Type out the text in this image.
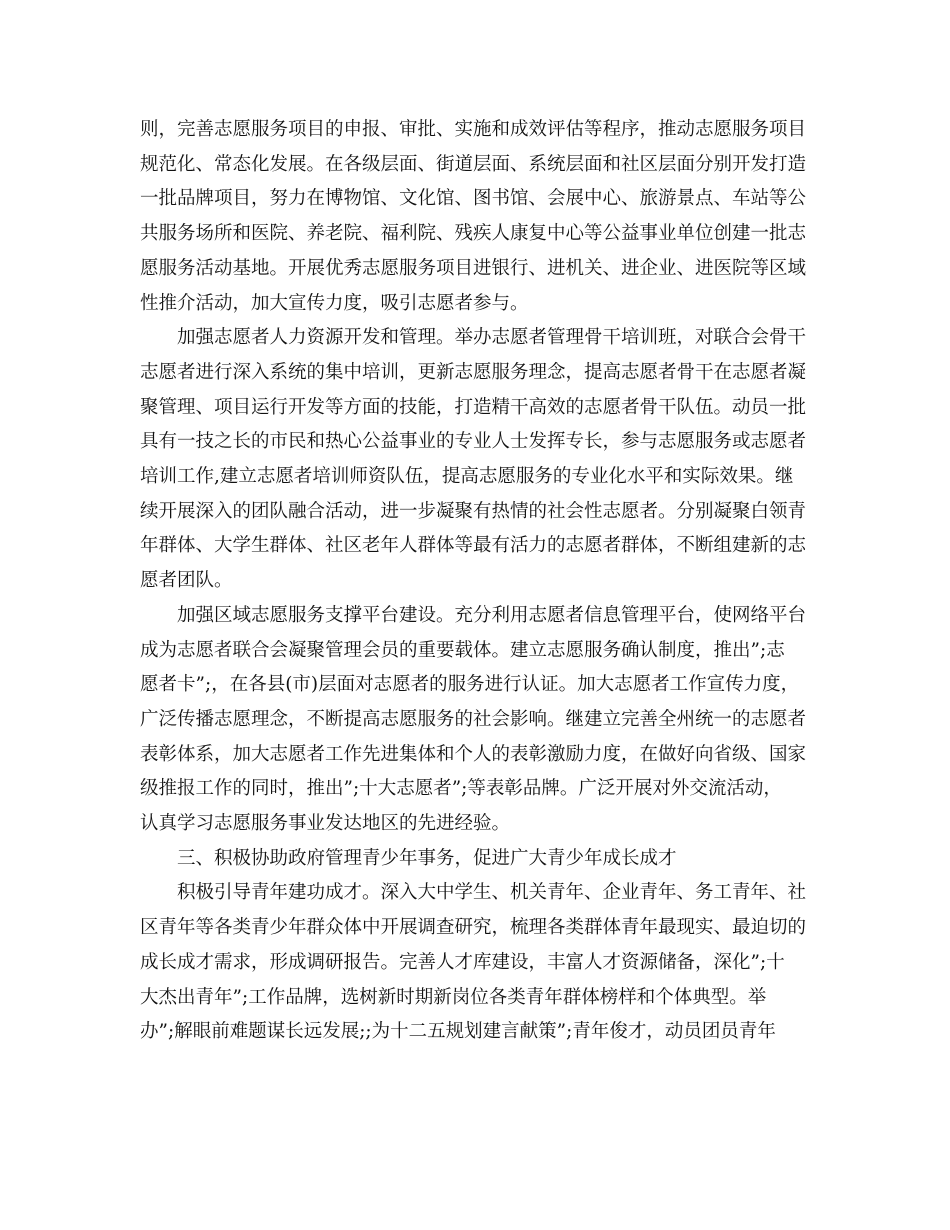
则，完善志愿服务项目的申报、审批、实施和成效评估等程序，推动志愿服务项目
规范化、常态化发展。在各级层面、街道层面、系统层面和社区层面分别开发打造
一批品牌项目，努力在博物馆、文化馆、图书馆、会展中心、旅游景点、车站等公
共服务场所和医院、养老院、福利院、残疾人康复中心等公益事业单位创建一批志
愿服务活动基地。开展优秀志愿服务项目进银行、进机关、进企业、进医院等区域
性推介活动，加大宣传力度，吸引志愿者参与。

加强志愿者人力资源开发和管理。举办志愿者管理骨干培训班，对联合会骨干
志愿者进行深入系统的集中培训，更新志愿服务理念，提高志愿者骨干在志愿者凝
聚管理、项目运行开发等方面的技能，打造精干高效的志愿者骨干队伍。动员一批
具有一技之长的市民和热心公益事业的专业人士发挥专长，参与志愿服务或志愿者
培训工作,建立志愿者培训师资队伍，提高志愿服务的专业化水平和实际效果。继
续开展深入的团队融合活动，进一步凝聚有热情的社会性志愿者。分别凝聚白领青
年群体、大学生群体、社区老年人群体等最有活力的志愿者群体，不断组建新的志
愿者团队。

加强区域志愿服务支撑平台建设。充分利用志愿者信息管理平台，使网络平台
成为志愿者联合会凝聚管理会员的重要载体。建立志愿服务确认制度，推出”;志
愿者卡”;，在各县(市)层面对志愿者的服务进行认证。加大志愿者工作宣传力度，
广泛传播志愿理念，不断提高志愿服务的社会影响。继建立完善全州统一的志愿者
表彰体系，加大志愿者工作先进集体和个人的表彰激励力度，在做好向省级、国家
级推报工作的同时，推出”;十大志愿者”;等表彰品牌。广泛开展对外交流活动，
认真学习志愿服务事业发达地区的先进经验。

三、积极协助政府管理青少年事务，促进广大青少年成长成才

积极引导青年建功成才。深入大中学生、机关青年、企业青年、务工青年、社
区青年等各类青少年群众体中开展调查研究，梳理各类群体青年最现实、最迫切的
成长成才需求，形成调研报告。完善人才库建设，丰富人才资源储备，深化”;十
大杰出青年”;工作品牌，选树新时期新岗位各类青年群体榜样和个体典型。举
办”;解眼前难题谋长远发展;;为十二五规划建言献策”;青年俊才，动员团员青年
